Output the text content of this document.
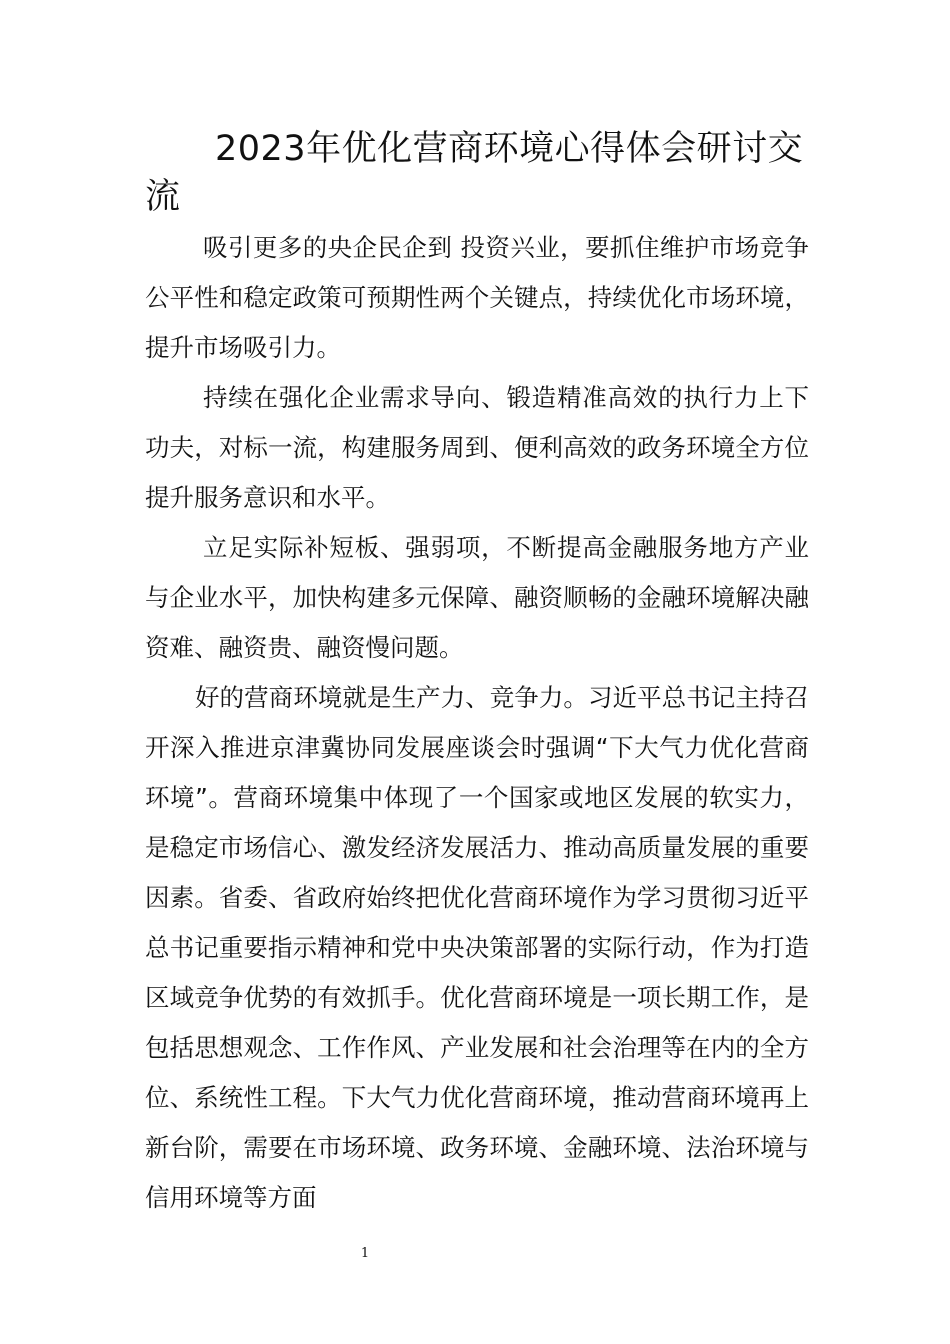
2023年优化营商环境心得体会研讨交流

吸引更多的央企民企到 投资兴业，要抓住维护市场竞争公平性和稳定政策可预期性两个关键点，持续优化市场环境，提升市场吸引力。

持续在强化企业需求导向、锻造精准高效的执行力上下功夫，对标一流，构建服务周到、便利高效的政务环境全方位提升服务意识和水平。

立足实际补短板、强弱项，不断提高金融服务地方产业与企业水平，加快构建多元保障、融资顺畅的金融环境解决融资难、融资贵、融资慢问题。

好的营商环境就是生产力、竞争力。习近平总书记主持召开深入推进京津冀协同发展座谈会时强调“下大气力优化营商环境”。营商环境集中体现了一个国家或地区发展的软实力，是稳定市场信心、激发经济发展活力、推动高质量发展的重要因素。省委、省政府始终把优化营商环境作为学习贯彻习近平总书记重要指示精神和党中央决策部署的实际行动，作为打造区域竞争优势的有效抓手。优化营商环境是一项长期工作，是包括思想观念、工作作风、产业发展和社会治理等在内的全方位、系统性工程。下大气力优化营商环境，推动营商环境再上新台阶，需要在市场环境、政务环境、金融环境、法治环境与信用环境等方面

1
